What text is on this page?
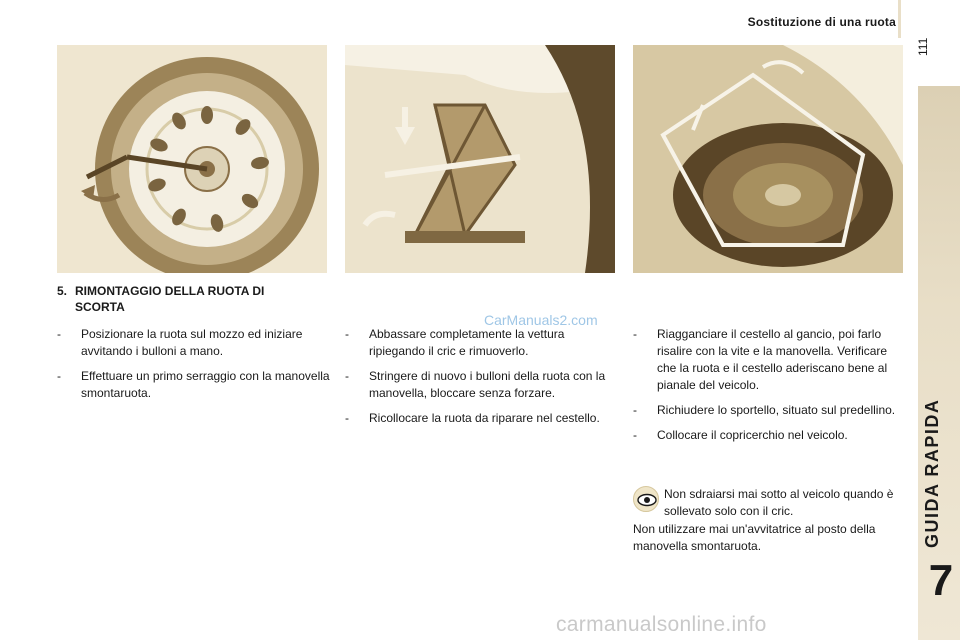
Sostituzione di una ruota
111
GUIDA RAPIDA
7
5. RIMONTAGGIO DELLA RUOTA DI
SCORTA
-	Posizionare la ruota sul mozzo ed iniziare avvitando i bulloni a mano.
-	Effettuare un primo serraggio con la manovella smontaruota.
-	Abbassare completamente la vettura ripiegando il cric e rimuoverlo.
-	Stringere di nuovo i bulloni della ruota con la manovella, bloccare senza forzare.
-	Ricollocare la ruota da riparare nel cestello.
-	Riagganciare il cestello al gancio, poi farlo risalire con la vite e la manovella. Verificare che la ruota e il cestello aderiscano bene al pianale del veicolo.
-	Richiudere lo sportello, situato sul predellino.
-	Collocare il copricerchio nel veicolo.
Non sdraiarsi mai sotto al veicolo quando è sollevato solo con il cric.
Non utilizzare mai un'avvitatrice al posto della manovella smontaruota.
CarManuals2.com
carmanualsonline.info
